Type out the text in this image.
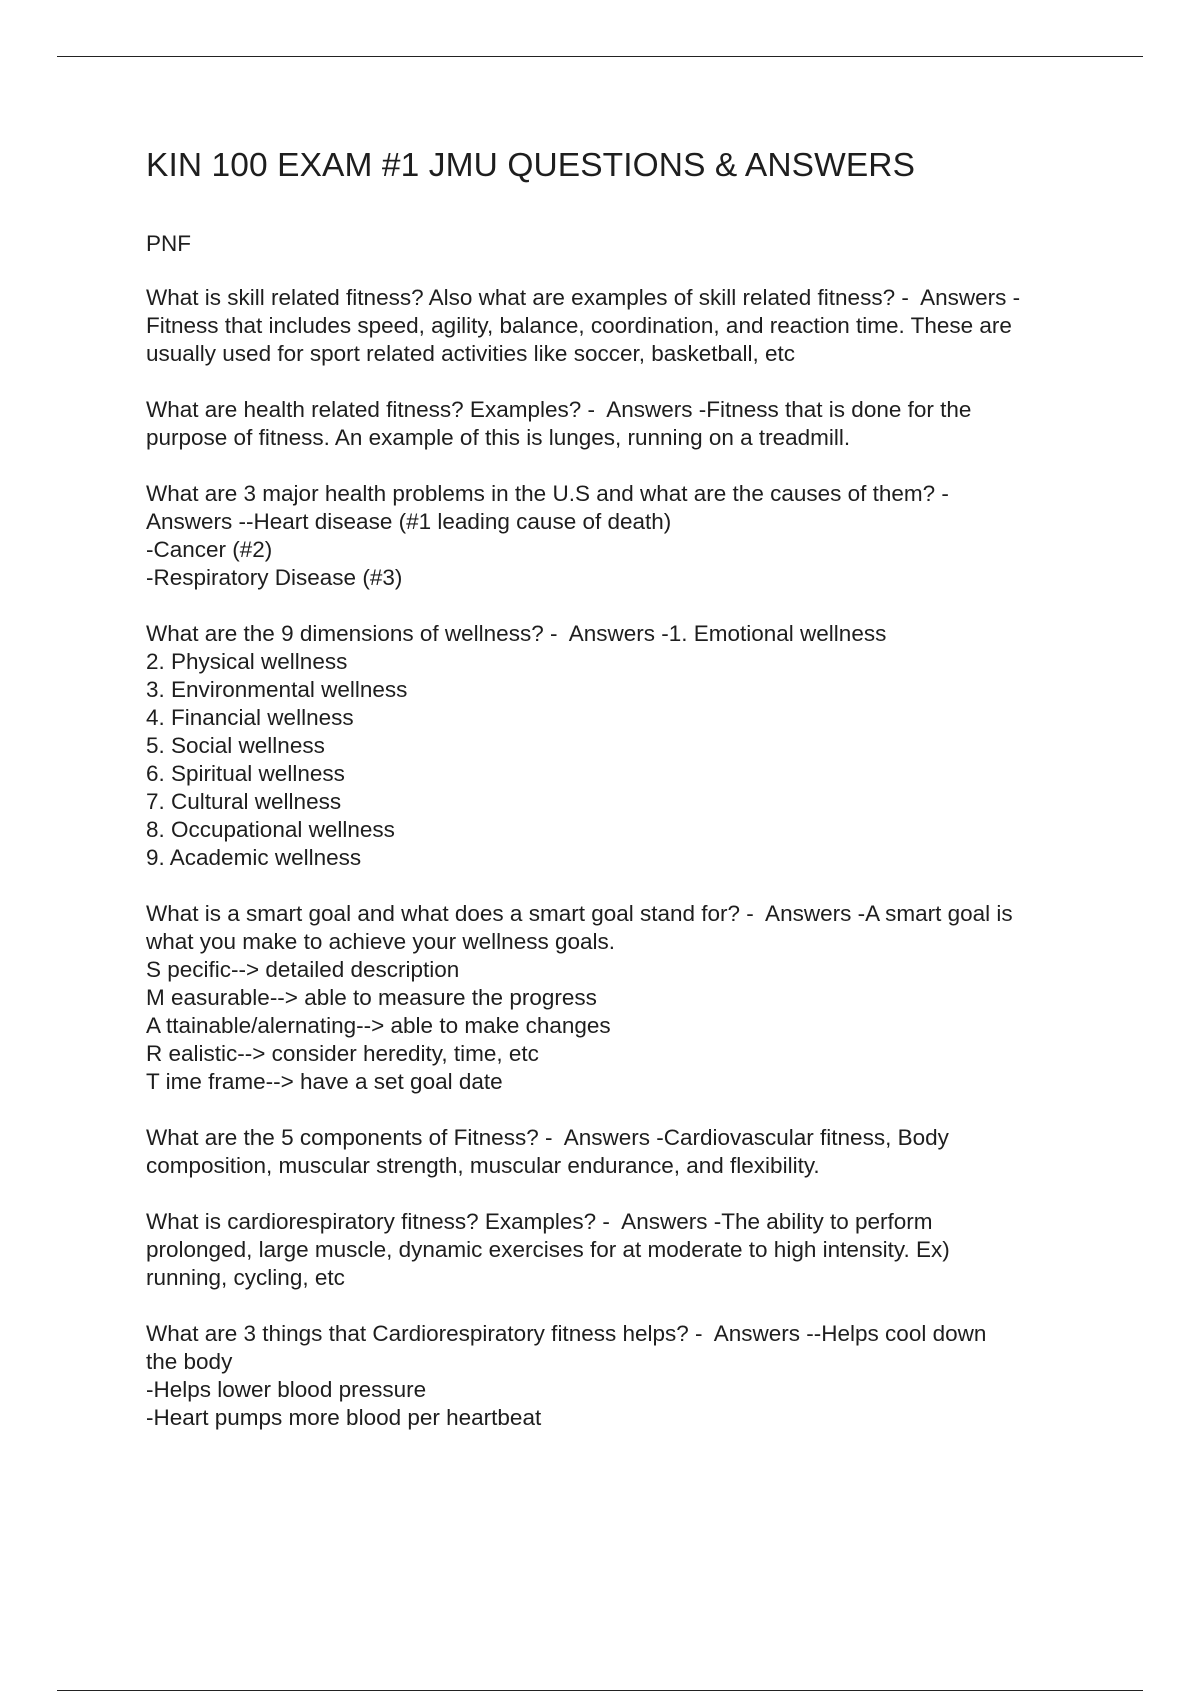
KIN 100 EXAM #1 JMU QUESTIONS & ANSWERS

PNF

What is skill related fitness? Also what are examples of skill related fitness? -  Answers -
Fitness that includes speed, agility, balance, coordination, and reaction time. These are
usually used for sport related activities like soccer, basketball, etc
What are health related fitness? Examples? -  Answers -Fitness that is done for the
purpose of fitness. An example of this is lunges, running on a treadmill.
What are 3 major health problems in the U.S and what are the causes of them? -
Answers --Heart disease (#1 leading cause of death)
-Cancer (#2)
-Respiratory Disease (#3)
What are the 9 dimensions of wellness? -  Answers -1. Emotional wellness
2. Physical wellness
3. Environmental wellness
4. Financial wellness
5. Social wellness
6. Spiritual wellness
7. Cultural wellness
8. Occupational wellness
9. Academic wellness
What is a smart goal and what does a smart goal stand for? -  Answers -A smart goal is
what you make to achieve your wellness goals.
S pecific--> detailed description
M easurable--> able to measure the progress
A ttainable/alernating--> able to make changes
R ealistic--> consider heredity, time, etc
T ime frame--> have a set goal date
What are the 5 components of Fitness? -  Answers -Cardiovascular fitness, Body
composition, muscular strength, muscular endurance, and flexibility.
What is cardiorespiratory fitness? Examples? -  Answers -The ability to perform
prolonged, large muscle, dynamic exercises for at moderate to high intensity. Ex)
running, cycling, etc
What are 3 things that Cardiorespiratory fitness helps? -  Answers --Helps cool down
the body
-Helps lower blood pressure
-Heart pumps more blood per heartbeat
